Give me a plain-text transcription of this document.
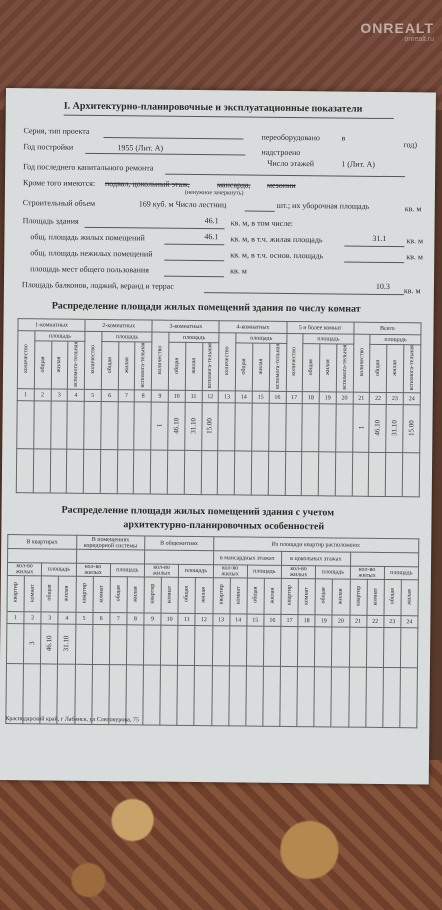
ONREALT
onrealt.ru
I. Архитектурно-планировочные и эксплуатационные показатели
Серия, тип проекта
переоборудовано	в
год)
Год постройки	1955 (Лит. А)	надстроено
Число этажей	1 (Лит. А)
Год последнего капитального ремонта
Кроме того имеются: подвал, цокольный этаж,	мансарда, мезонин
(ненужное зачеркнуть)
Строительный объем	169 куб. м Число лестниц	шт.; их уборочная площадь	кв. м
Площадь здания	46.1 кв. м, в том числе:
общ. площадь жилых помещений	46.1 кв. м, в т.ч. жилая площадь	31.1 кв. м
общ. площадь нежилых помещений	кв. м, в т.ч. основ. площадь	кв. м
площадь мест общего пользования	кв. м
Площадь балконов, лоджий, веранд и террас	10.3 кв. м
Распределение площади жилых помещений здания по числу комнат
1-комнатных				2-комнатных				3-комнатных				4-комнатных				5 и более комнат				Всего			
количество	площадь			количество	площадь			количество	площадь			количество	площадь			количество	площадь			количество	площадь		
	общая	жилая	вспомога-тельная		общая	жилая	вспомога-тельная		общая	жилая	вспомога-тельная		общая	жилая	вспомога-тельная		общая	жилая	вспомога-тельная		общая	жилая	вспомога-тельная
1	2	3	4	5	6	7	8	9	10	11	12	13	14	15	16	17	18	19	20	21	22	23	24
								1	46.10	31.10	15.00									1	46.10	31.10	15.00

Распределение площади жилых помещений здания с учетом
архитектурно-планировочных особенностей
В квартирах				В помещениях коридорной системы				В общежитиях				Из площади квартир расположено:											
												в мансардных этажах				в цокольных этажах							
кол-во жилых		площадь		кол-во жилых		площадь		кол-во жилых		площадь		кол-во жилых		площадь		кол-во жилых		площадь		кол-во жилых		площадь	
квартир	комнат	общая	жилая	квартир	комнат	общая	жилая	квартир	комнат	общая	жилая	квартир	комнат	общая	жилая	квартир	комнат	общая	жилая	квартир	комнат	общая	жилая
1	2	3	4	5	6	7	8	9	10	11	12	13	14	15	16	17	18	19	20	21	22	23	24
	3	46.10	31.10																				

Краснодарский край, г Лабинск, ул Слепокурова, 75
